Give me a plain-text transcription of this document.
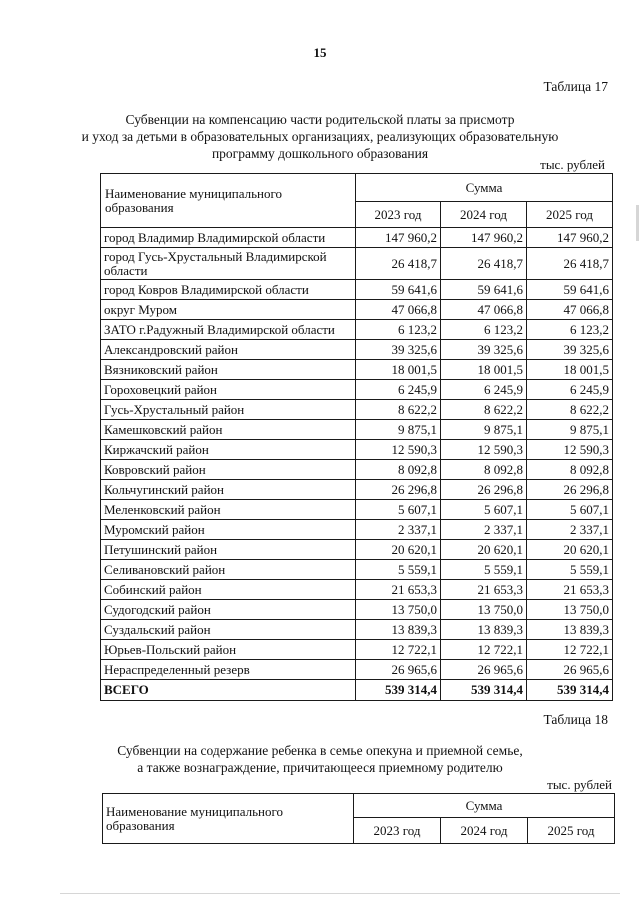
15
Таблица 17
Субвенции на компенсацию части родительской платы за присмотр
и уход за детьми в образовательных организациях, реализующих образовательную
программу дошкольного образования
тыс. рублей
Наименование муниципального образования	Сумма		
	2023 год	2024 год	2025 год
город Владимир Владимирской области	147 960,2	147 960,2	147 960,2
город Гусь-Хрустальный Владимирской области	26 418,7	26 418,7	26 418,7
город Ковров Владимирской области	59 641,6	59 641,6	59 641,6
округ Муром	47 066,8	47 066,8	47 066,8
ЗАТО г.Радужный Владимирской области	6 123,2	6 123,2	6 123,2
Александровский район	39 325,6	39 325,6	39 325,6
Вязниковский район	18 001,5	18 001,5	18 001,5
Гороховецкий район	6 245,9	6 245,9	6 245,9
Гусь-Хрустальный район	8 622,2	8 622,2	8 622,2
Камешковский район	9 875,1	9 875,1	9 875,1
Киржачский район	12 590,3	12 590,3	12 590,3
Ковровский район	8 092,8	8 092,8	8 092,8
Кольчугинский район	26 296,8	26 296,8	26 296,8
Меленковский район	5 607,1	5 607,1	5 607,1
Муромский район	2 337,1	2 337,1	2 337,1
Петушинский район	20 620,1	20 620,1	20 620,1
Селивановский район	5 559,1	5 559,1	5 559,1
Собинский район	21 653,3	21 653,3	21 653,3
Судогодский район	13 750,0	13 750,0	13 750,0
Суздальский район	13 839,3	13 839,3	13 839,3
Юрьев-Польский район	12 722,1	12 722,1	12 722,1
Нераспределенный резерв	26 965,6	26 965,6	26 965,6
ВСЕГО	539 314,4	539 314,4	539 314,4
Таблица 18
Субвенции на содержание ребенка в семье опекуна и приемной семье,
а также вознаграждение, причитающееся приемному родителю
тыс. рублей
Наименование муниципального образования	Сумма		
	2023 год	2024 год	2025 год
